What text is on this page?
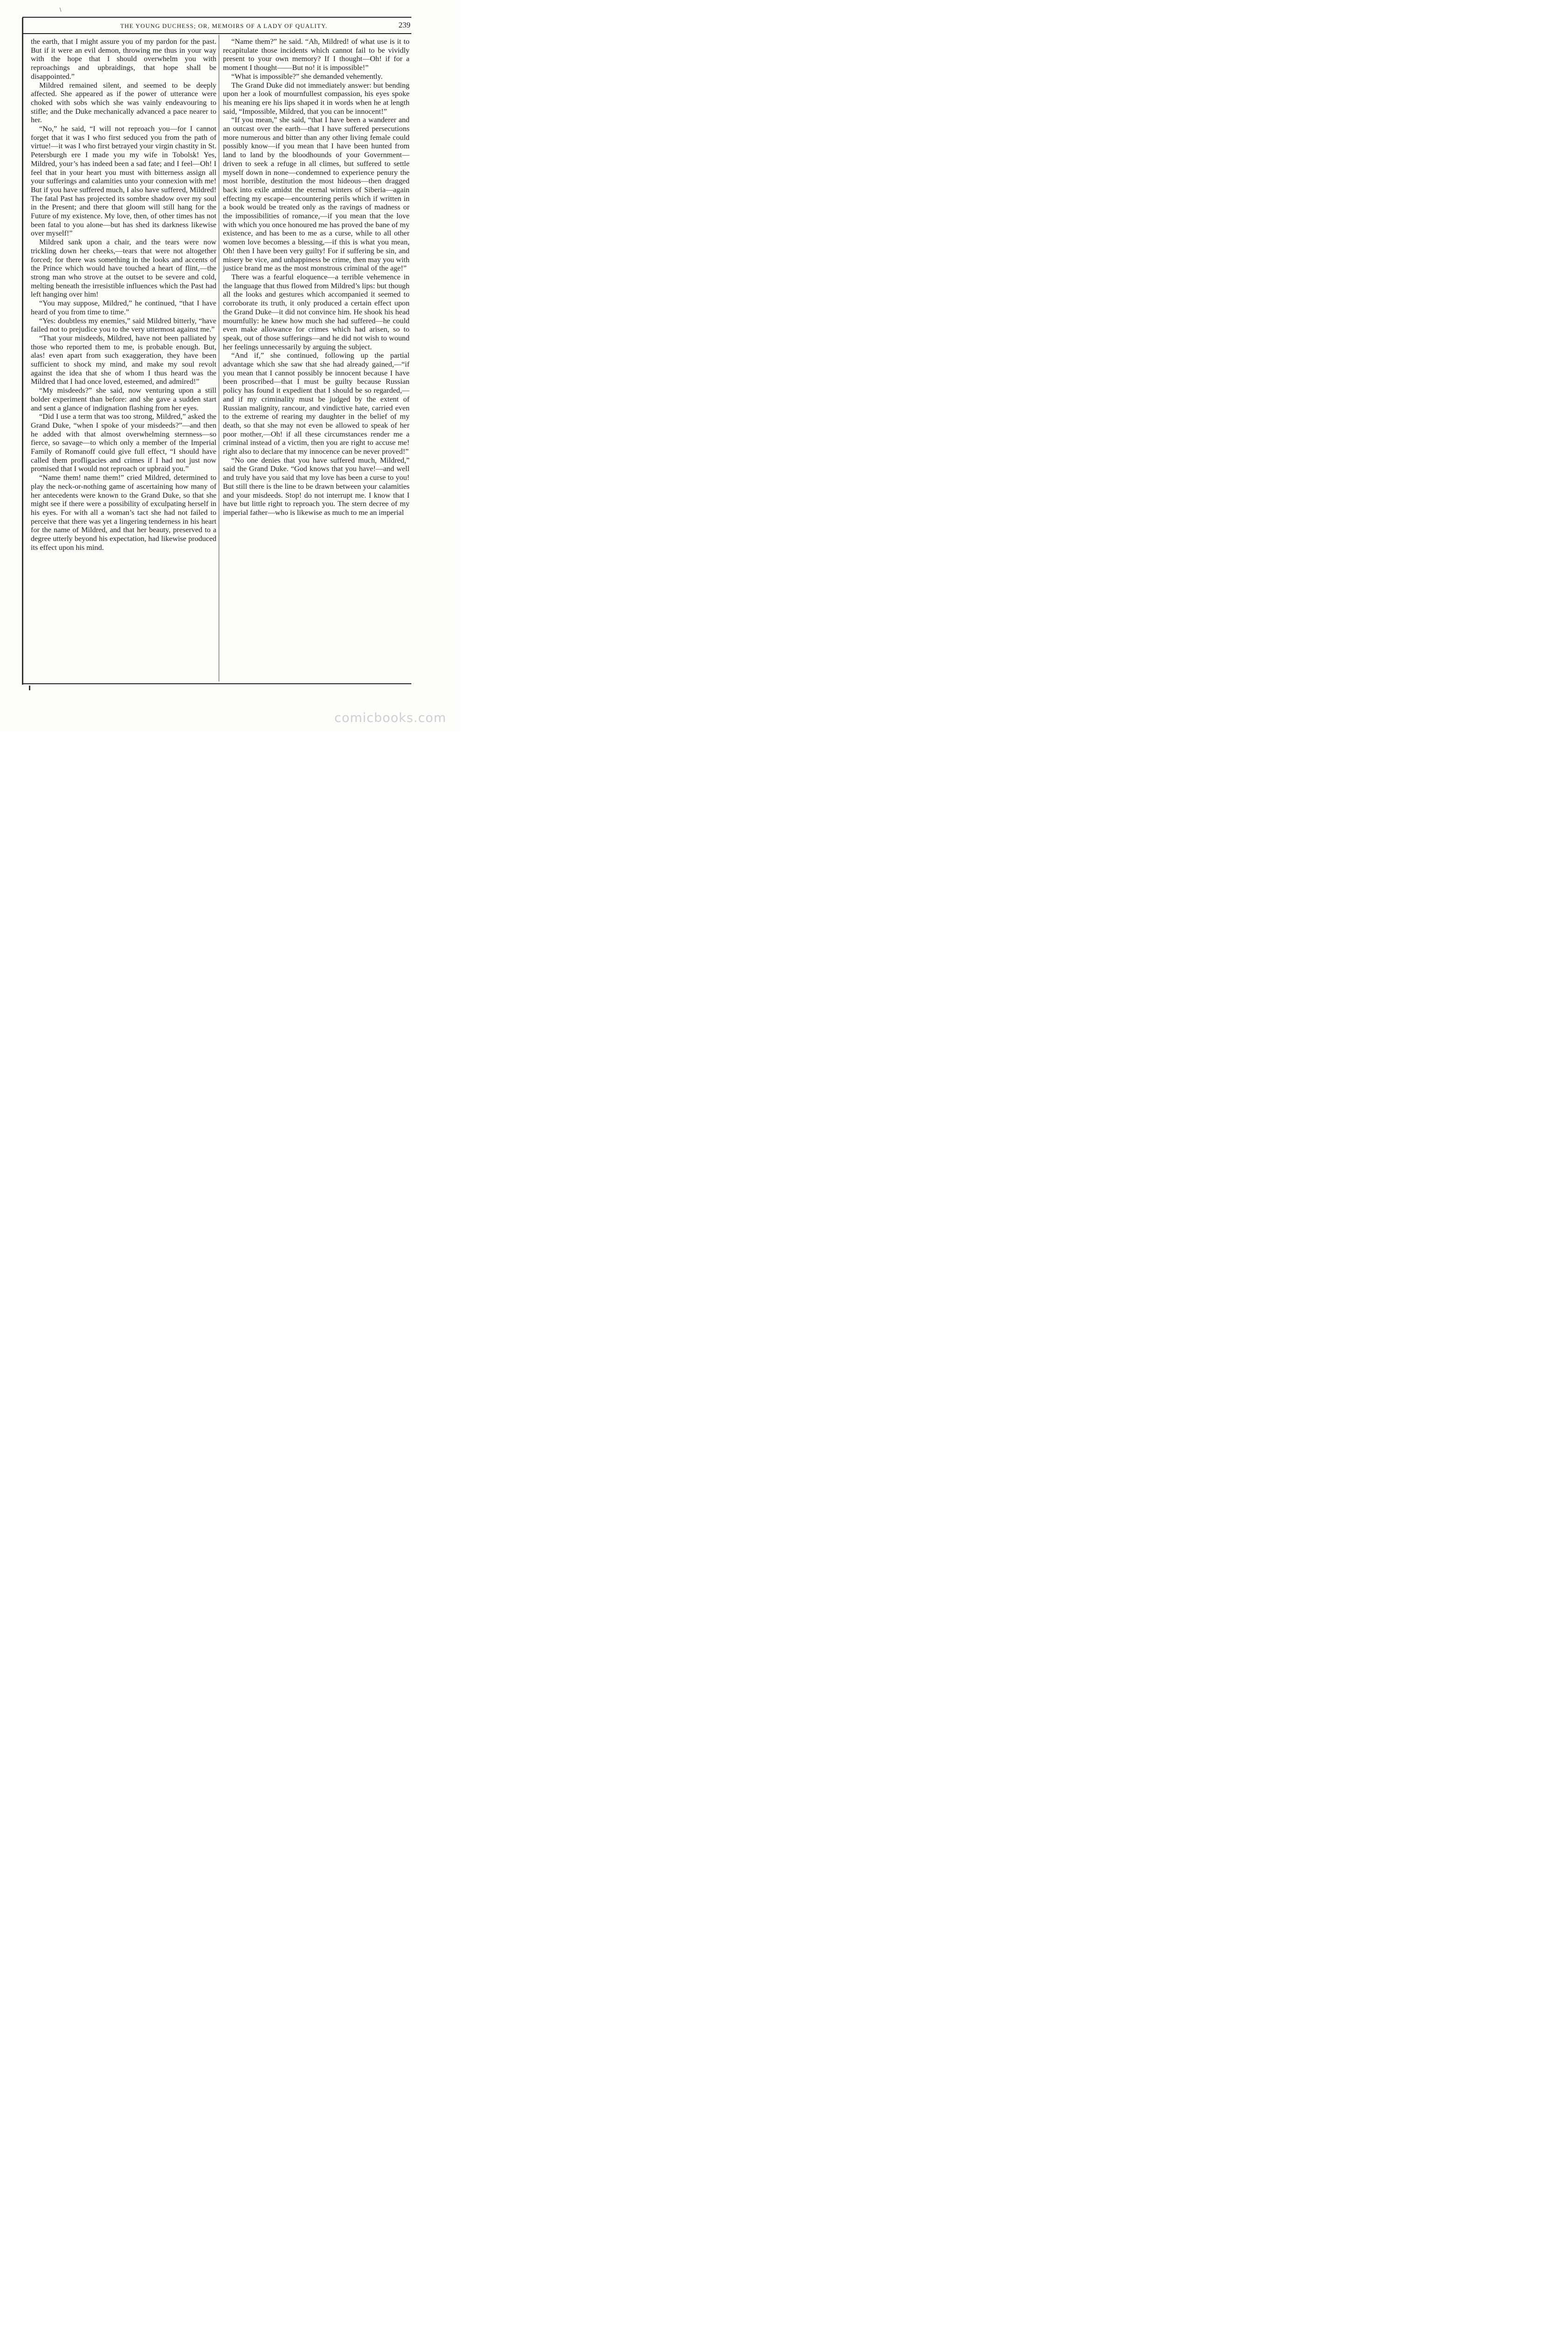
\
THE YOUNG DUCHESS; OR, MEMOIRS OF A LADY OF QUALITY.	239

the earth, that I might assure you of my pardon for the past. But if it were an evil demon, throwing me thus in your way with the hope that I should overwhelm you with reproachings and upbraidings, that hope shall be disappointed.”

Mildred remained silent, and seemed to be deeply affected. She appeared as if the power of utterance were choked with sobs which she was vainly endeavouring to stifle; and the Duke mechanically advanced a pace nearer to her.

“No,” he said, “I will not reproach you—for I cannot forget that it was I who first seduced you from the path of virtue!—it was I who first betrayed your virgin chastity in St. Petersburgh ere I made you my wife in Tobolsk! Yes, Mildred, your’s has indeed been a sad fate; and I feel—Oh! I feel that in your heart you must with bitterness assign all your sufferings and calamities unto your connexion with me! But if you have suffered much, I also have suffered, Mildred! The fatal Past has projected its sombre shadow over my soul in the Present; and there that gloom will still hang for the Future of my existence. My love, then, of other times has not been fatal to you alone—but has shed its darkness likewise over myself!”

Mildred sank upon a chair, and the tears were now trickling down her cheeks,—tears that were not altogether forced; for there was something in the looks and accents of the Prince which would have touched a heart of flint,—the strong man who strove at the outset to be severe and cold, melting beneath the irresistible influences which the Past had left hanging over him!

“You may suppose, Mildred,” he continued, “that I have heard of you from time to time.”

“Yes: doubtless my enemies,” said Mildred bitterly, “have failed not to prejudice you to the very uttermost against me.”

“That your misdeeds, Mildred, have not been palliated by those who reported them to me, is probable enough. But, alas! even apart from such exaggeration, they have been sufficient to shock my mind, and make my soul revolt against the idea that she of whom I thus heard was the Mildred that I had once loved, esteemed, and admired!”

“My misdeeds?” she said, now venturing upon a still bolder experiment than before: and she gave a sudden start and sent a glance of indignation flashing from her eyes.

“Did I use a term that was too strong, Mildred,” asked the Grand Duke, “when I spoke of your misdeeds?”—and then he added with that almost overwhelming sternness—so fierce, so savage—to which only a member of the Imperial Family of Romanoff could give full effect, “I should have called them profligacies and crimes if I had not just now promised that I would not reproach or upbraid you.”

“Name them! name them!” cried Mildred, determined to play the neck-or-nothing game of ascertaining how many of her antecedents were known to the Grand Duke, so that she might see if there were a possibility of exculpating herself in his eyes. For with all a woman’s tact she had not failed to perceive that there was yet a lingering tenderness in his heart for the name of Mildred, and that her beauty, preserved to a degree utterly beyond his expectation, had likewise produced its effect upon his mind.

“Name them?” he said. “Ah, Mildred! of what use is it to recapitulate those incidents which cannot fail to be vividly present to your own memory? If I thought—Oh! if for a moment I thought——But no! it is impossible!”

“What is impossible?” she demanded vehemently.

The Grand Duke did not immediately answer: but bending upon her a look of mournfullest compassion, his eyes spoke his meaning ere his lips shaped it in words when he at length said, “Impossible, Mildred, that you can be innocent!”

“If you mean,” she said, “that I have been a wanderer and an outcast over the earth—that I have suffered persecutions more numerous and bitter than any other living female could possibly know—if you mean that I have been hunted from land to land by the bloodhounds of your Government—driven to seek a refuge in all climes, but suffered to settle myself down in none—condemned to experience penury the most horrible, destitution the most hideous—then dragged back into exile amidst the eternal winters of Siberia—again effecting my escape—encountering perils which if written in a book would be treated only as the ravings of madness or the impossibilities of romance,—if you mean that the love with which you once honoured me has proved the bane of my existence, and has been to me as a curse, while to all other women love becomes a blessing,—if this is what you mean, Oh! then I have been very guilty! For if suffering be sin, and misery be vice, and unhappiness be crime, then may you with justice brand me as the most monstrous criminal of the age!”

There was a fearful eloquence—a terrible vehemence in the language that thus flowed from Mildred’s lips: but though all the looks and gestures which accompanied it seemed to corroborate its truth, it only produced a certain effect upon the Grand Duke—it did not convince him. He shook his head mournfully: he knew how much she had suffered—he could even make allowance for crimes which had arisen, so to speak, out of those sufferings—and he did not wish to wound her feelings unnecessarily by arguing the subject.

“And if,” she continued, following up the partial advantage which she saw that she had already gained,—“if you mean that I cannot possibly be innocent because I have been proscribed—that I must be guilty because Russian policy has found it expedient that I should be so regarded,—and if my criminality must be judged by the extent of Russian malignity, rancour, and vindictive hate, carried even to the extreme of rearing my daughter in the belief of my death, so that she may not even be allowed to speak of her poor mother,—Oh! if all these circumstances render me a criminal instead of a victim, then you are right to accuse me! right also to declare that my innocence can be never proved!”

“No one denies that you have suffered much, Mildred,” said the Grand Duke. “God knows that you have!—and well and truly have you said that my love has been a curse to you! But still there is the line to be drawn between your calamities and your misdeeds. Stop! do not interrupt me. I know that I have but little right to reproach you. The stern decree of my imperial father—who is likewise as much to me an imperial

comicbooks.com
